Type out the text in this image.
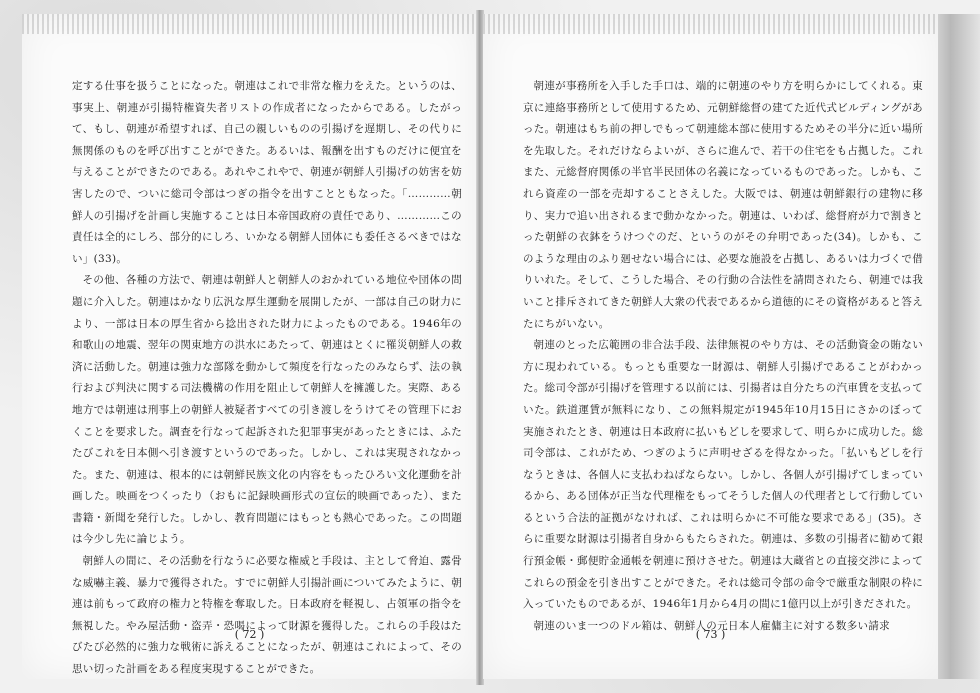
定する仕事を扱うことになった。朝連はこれで非常な権力をえた。というのは、事実上、朝連が引揚特権資失者リストの作成者になったからである。したがって、もし、朝連が希望すれば、自己の親しいものの引揚げを遅期し、その代りに無関係のものを呼び出すことができた。あるいは、報酬を出すものだけに便宜を与えることができたのである。あれやこれやで、朝連が朝鮮人引揚げの妨害を妨害したので、ついに総司令部はつぎの指令を出すことともなった。「…………朝鮮人の引揚げを計画し実施することは日本帝国政府の責任であり、…………この責任は全的にしろ、部分的にしろ、いかなる朝鮮人団体にも委任さるべきではない」(33)。

その他、各種の方法で、朝連は朝鮮人と朝鮮人のおかれている地位や団体の問題に介入した。朝連はかなり広汎な厚生運動を展開したが、一部は自己の財力により、一部は日本の厚生省から捻出された財力によったものである。1946年の和歌山の地震、翌年の関東地方の洪水にあたって、朝連はとくに罹災朝鮮人の救済に活動した。朝連は強力な部隊を動かして頻度を行なったのみならず、法の執行および判決に関する司法機構の作用を阻止して朝鮮人を擁護した。実際、ある地方では朝連は刑事上の朝鮮人被疑者すべての引き渡しをうけてその管理下におくことを要求した。調査を行なって起訴された犯罪事実があったときには、ふたたびこれを日本側へ引き渡すというのであった。しかし、これは実現されなかった。また、朝連は、根本的には朝鮮民族文化の内容をもったひろい文化運動を計画した。映画をつくったり（おもに記録映画形式の宣伝的映画であった）、また書籍・新聞を発行した。しかし、教育問題にはもっとも熱心であった。この問題は今少し先に論じよう。

朝鮮人の間に、その活動を行なうに必要な権威と手段は、主として脅迫、露骨な威嚇主義、暴力で獲得された。すでに朝鮮人引揚計画についてみたように、朝連は前もって政府の権力と特権を奪取した。日本政府を軽視し、占領軍の指令を無視した。やみ屋活動・盗弄・恐喝によって財源を獲得した。これらの手段はたびたび必然的に強力な戦術に訴えることになったが、朝連はこれによって、その思い切った計画をある程度実現することができた。

( 72 )

朝連が事務所を入手した手口は、端的に朝連のやり方を明らかにしてくれる。東京に連絡事務所として使用するため、元朝鮮総督の建てた近代式ビルディングがあった。朝連はもち前の押しでもって朝連総本部に使用するためその半分に近い場所を先取した。それだけならよいが、さらに進んで、若干の住宅をも占拠した。これまた、元総督府関係の半官半民団体の名義になっているものであった。しかも、これら資産の一部を売却することさえした。大阪では、朝連は朝鮮銀行の建物に移り、実力で追い出されるまで動かなかった。朝連は、いわば、総督府が力で割きとった朝鮮の衣鉢をうけつぐのだ、というのがその弁明であった(34)。しかも、このような理由のふり廻せない場合には、必要な施設を占拠し、あるいは力づくで借りいれた。そして、こうした場合、その行動の合法性を請問されたら、朝連では我いこと排斥されてきた朝鮮人大衆の代表であるから道徳的にその資格があると答えたにちがいない。

朝連のとった広範囲の非合法手段、法律無視のやり方は、その活動資金の賄ない方に現われている。もっとも重要な一財源は、朝鮮人引揚げであることがわかった。総司令部が引揚げを管理する以前には、引揚者は自分たちの汽車賃を支払っていた。鉄道運賃が無料になり、この無料規定が1945年10月15日にさかのぼって実施されたとき、朝連は日本政府に払いもどしを要求して、明らかに成功した。総司令部は、これがため、つぎのように声明せざるを得なかった。「払いもどしを行なうときは、各個人に支払わねばならない。しかし、各個人が引揚げてしまっているから、ある団体が正当な代理権をもってそうした個人の代理者として行動しているという合法的証拠がなければ、これは明らかに不可能な要求である」(35)。さらに重要な財源は引揚者自身からもたらされた。朝連は、多数の引揚者に勧めて銀行預金帳・郵便貯金通帳を朝連に預けさせた。朝連は大蔵省との直接交渉によってこれらの預金を引き出すことができた。それは総司令部の命令で厳重な制限の枠に入っていたものであるが、1946年1月から4月の間に1億円以上が引きだされた。

朝連のいま一つのドル箱は、朝鮮人の元日本人雇傭主に対する数多い請求

( 73 )
